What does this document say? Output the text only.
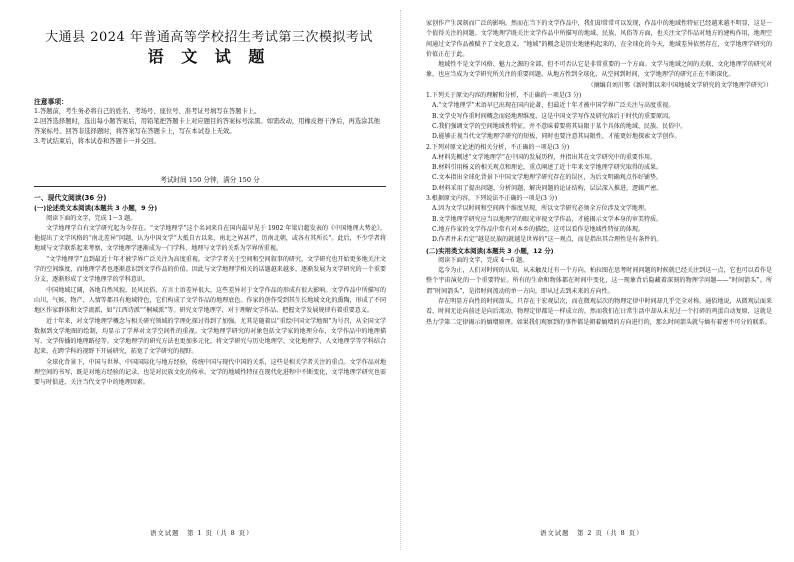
大通县 2024 年普通高等学校招生考试第三次模拟考试
语 文 试 题
注意事项：
1.答题前，考生务必将自己的姓名、考场号、座位号、准考证号填写在答题卡上。
2.回答选择题时，选出每小题答案后，用铅笔把答题卡上对应题目的答案标号涂黑。如需改动，用橡皮擦干净后，再选涂其他答案标号。回答非选择题时，将答案写在答题卡上，写在本试卷上无效。
3.考试结束后，将本试卷和答题卡一并交回。
考试时间 150 分钟，满分 150 分
一、现代文阅读(36 分)
(一)论述类文本阅读(本题共 3 小题，9 分)

阅读下面的文字，完成 1～3 题。

文学地理学自有文学研究起为今存在。“文学地理学”这个名词来自在国内最早见于 1902 年梁启超发表的《中国地理大势论》，他提出了文学风格的“南北差异”问题，认为中国文学“大抵自古以来，南北之界甚严，历南北朝，或各有其所长”。此后，不少学者将地域与文学联系起来考察，文学地理学逐渐成为一门学科，地理与文学的关系为学界所重视。

“文学地理学”直到最近十年才被学界广泛关注为高度重视。文学学者关于空间和空间叙事的研究，文学研究也开始更多地关注文学的空间维度，而地理学者也逐渐意识到文学作品的价值。因此与文学地理学相关的话题越来越多，逐渐发展为文学研究的一个重要分支，逐渐形成了文学地理学的学科意识。

中国地域辽阔，各地自然风貌、民风民俗、方言土语差异很大，这些差异对于文学作品的形成有很大影响。文学作品中所描写的山川、气候、物产、人情等都具有地域特色，它们构成了文学作品的地理底色。作家的创作受到其生长地域文化的熏陶，形成了不同地区作家群体和文学流派，如“江西诗派”“桐城派”等。研究文学地理学，对于理解文学作品、把握文学发展规律有着重要意义。

近十年来，对文学地理学概念与相关研究领域的学理化探讨得到了加强。尤其是随着以“重绘中国文学地图”为号召，从全国文学数据到文学地图的绘制，均显示了学界对文学空间性的重视。文学地理学研究的对象包括文学家的地理分布、文学作品中的地理描写、文学传播的地理路径等。文学地理学的研究方法也更加多元化，将文学研究与历史地理学、文化地理学、人文地理学等学科结合起来，在跨学科的视野下开展研究，拓宽了文学研究的视野。

全球化背景下，中国与世界、中国国际化与地方经验，传统中国与现代中国的关系，这些是相关学者关注的重点。文学作品对地理空间的书写，既是对地方经验的记录，也是对民族文化的传承。文学的地域性特征在现代化进程中不断变化，文学地理学研究也需要与时俱进，关注当代文学中的地理因素。

语文试题　第 1 页（共 8 页）

家创作产生深刻而广泛的影响。然而在当下的文学作品中，我们却常常可以发现，作品中的地域性特征已经越来越不明显，这是一个值得关注的问题。文学地理学既关注文学作品中所描写的地域、民族、风俗等方面，也关注文学作品对地方的建构作用，地理空间通过文学作品被赋予了文化意义。“地域”的概念是历史地建构起来的，在全球化的今天，地域差异依然存在，文学地理学研究的价值正在于此。

地域性不是文学风格、魅力之源的全部，但不可否认它是非常重要的一个方面。文学与地域之间的关联，文化地理学的研究对象，也应当成为文学研究所关注的重要问题。从地方性到全球化、从空间到时间，文学地理学的研究正在不断深化。

（摘编自刘川鄂《新时期以来中国地域文学研究的文学地理学研究》）

1.下列关于原文内容的理解和分析，不正确的一项是(3 分)

A.“文学地理学”术语早已出现在国内论著，但最近十年才被中国学界广泛关注与高度重视。

B.文学史写作重时间概念而轻地理维度，这是中国文学写作及研究落后于时代的重要原因。

C.我们强调文学的空间地域性特征，并不意味着要将其局限于某个具体的地域、民族、民俗中。

D.能够正视当代文学地理学研究的短板，同时也要注意其局限性，才能更好地探索文学创作。

2.下列对原文论述的相关分析，不正确的一项是(3 分)

A.材料先概述“文学地理学”在中国的发展历程，并指出其在文学研究中的重要作用。

B.材料引用杨义的相关观点和理论，重点阐述了近十年来文学地理学研究取得的成果。

C.文本指出全球化背景下中国文学地理学研究存在的误区，为后文明确观点作好铺垫。

D.材料采用了提出问题、分析问题、解决问题的论证结构，层层深入推进，逻辑严密。

3.根据原文内容，下列说法不正确的一项是(3 分)

A.因为文学以时间和空间两个维度呈现，所以文学研究必须全方位涉及文学地理。

B.文学地理学研究应当以地理学的眼光审视文学作品，才能揭示文学本身的审美特质。

C.地方作家的文学作品中常有对本乡的描绘，这可以看作是地域性特征的体现。

D.作者并未否定“越是民族的就越是世界的”这一观点，而是指出其合理性是有条件的。

(二)实用类文本阅读(本题共 3 小题，12 分)

阅读下面的文字，完成 4～6 题。

迄今为止，人们对时间的认知，从未触及过有一个方向。柏拉图在思考时间问题的时候就已经关注到这一点，它也可以看作是整个宇宙演化的一个重要特征。所有的生命和物体都在时间中变化，这一现象背后隐藏着深刻的物理学问题——“时间箭头”。所谓“时间箭头”，是指时间流动的单一方向，即从过去到未来的方向性。

存在明显方向性的时间箭头，只存在于宏观层次，而在微观层次的物理定律中时间却几乎完全对称。通俗地说，从微观层面来看，时间无论向前还是向后流动，物理定律都是一样成立的。然而我们在日常生活中却从未见过一个打碎的鸡蛋自动复原，这就是热力学第二定律揭示的熵增原理。如果我们观察到的事件都是朝着熵增的方向进行的，那么时间箭头就与熵有着密不可分的联系。

语文试题　第 2 页（共 8 页）
